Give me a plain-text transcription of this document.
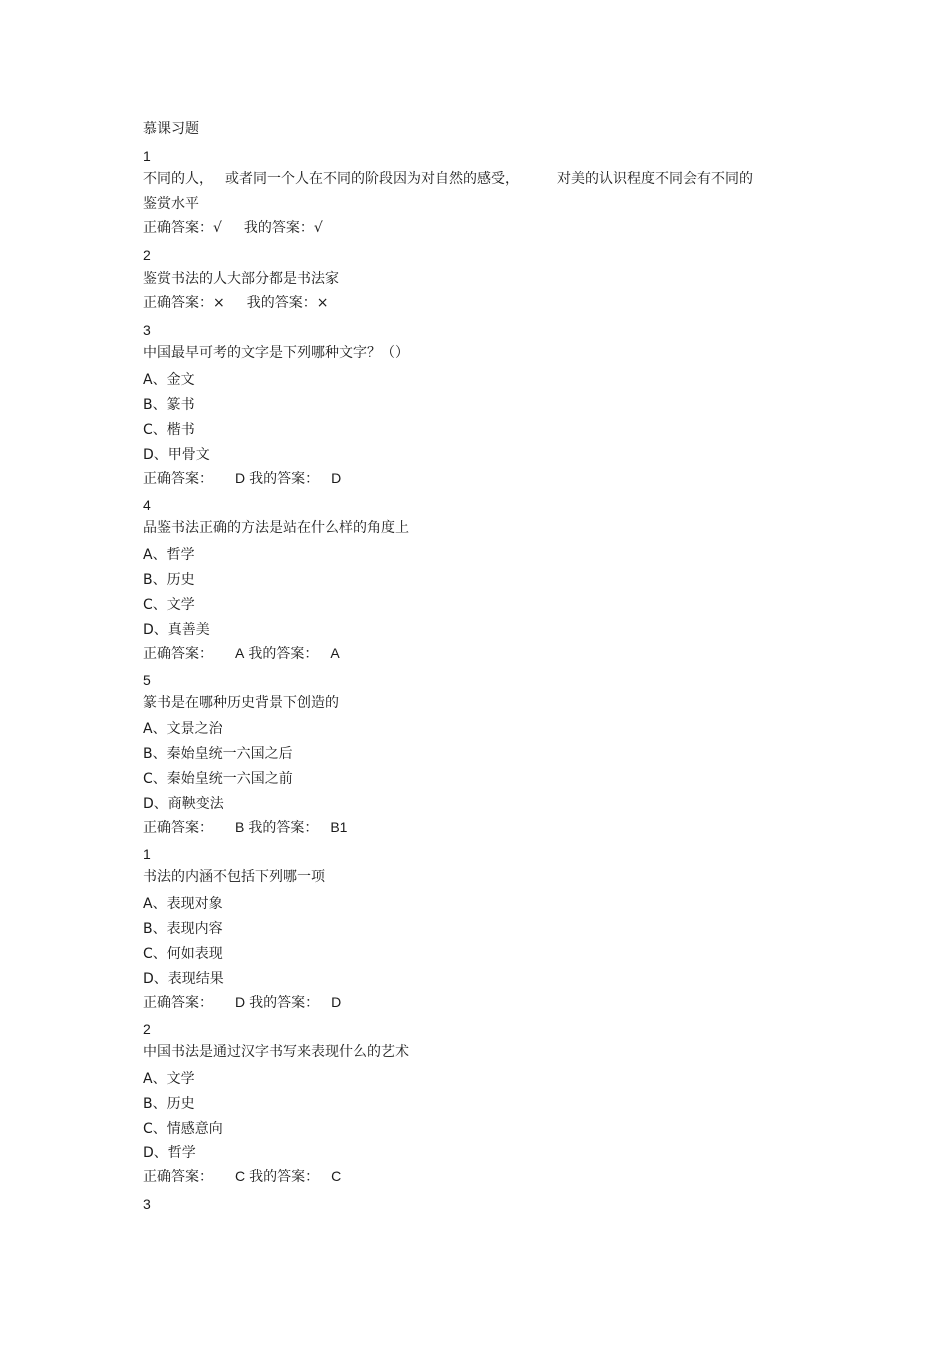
慕课习题
1
不同的人， 或者同一个人在不同的阶段因为对自然的感受，	对美的认识程度不同会有不同的
鉴赏水平
正确答案：√ 我的答案：√
2
鉴赏书法的人大部分都是书法家
正确答案：× 我的答案：×
3
中国最早可考的文字是下列哪种文字？（）
A、金文
B、篆书
C、楷书
D、甲骨文
正确答案： D 我的答案： D
4
品鉴书法正确的方法是站在什么样的角度上
A、哲学
B、历史
C、文学
D、真善美
正确答案： A 我的答案： A
5
篆书是在哪种历史背景下创造的
A、文景之治
B、秦始皇统一六国之后
C、秦始皇统一六国之前
D、商鞅变法
正确答案： B 我的答案： B1
1
书法的内涵不包括下列哪一项
A、表现对象
B、表现内容
C、何如表现
D、表现结果
正确答案： D 我的答案： D
2
中国书法是通过汉字书写来表现什么的艺术
A、文学
B、历史
C、情感意向
D、哲学
正确答案： C 我的答案： C
3
